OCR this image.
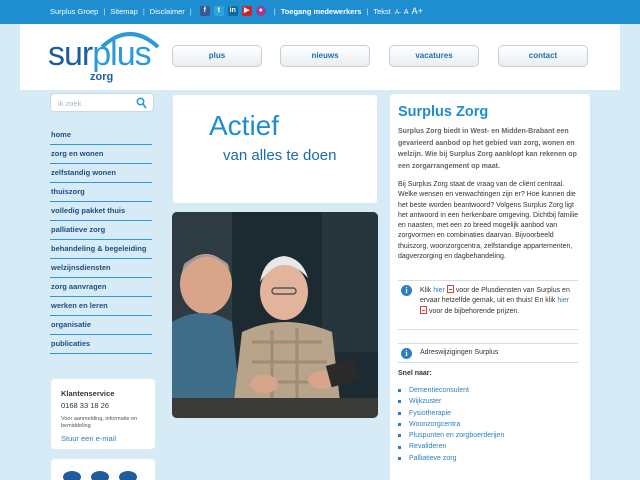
Surplus Groep | Sitemap | Disclaimer |	f	t	in	▶	●	| Toegang medewerkers | Tekst A- A A+
surplus
zorg
plus	nieuws	vacatures	contact
ik zoek
home
zorg en wonen
zelfstandig wonen
thuiszorg
volledig pakket thuis
palliatieve zorg
behandeling & begeleiding
welzijnsdiensten
zorg aanvragen
werken en leren
organisatie
publicaties
Klantenservice
0168 33 18 26
Voor aanmelding, informatie en bemiddeling
Stuur een e-mail
Actief
van alles te doen
Surplus Zorg
Surplus Zorg biedt in West- en Midden-Brabant een gevarieerd aanbod op het gebied van zorg, wonen en welzijn. Wie bij Surplus Zorg aanklopt kan rekenen op een zorgarrangement op maat.
Bij Surplus Zorg staat de vraag van de cliënt centraal. Welke wensen en verwachtingen zijn er? Hoe kunnen die het beste worden beantwoord? Volgens Surplus Zorg ligt het antwoord in een herkenbare omgeving. Dichtbij familie en naasten, met een zo breed mogelijk aanbod van zorgvormen en combinaties daarvan. Bijvoorbeeld thuiszorg, woonzorgcentra, zelfstandige appartementen, dagverzorging en dagbehandeling.
i	Klik hier voor de Plusdiensten van Surplus en ervaar hetzelfde gemak, uit en thuis! En klik hier  voor de bijbehorende prijzen.
i	Adreswijzigingen Surplus
Snel naar:
Dementieconsulent
Wijkzuster
Fysiotherapie
Woonzorgcentra
Pluspunten en zorgboerderijen
Revalideren
Palliatieve zorg
